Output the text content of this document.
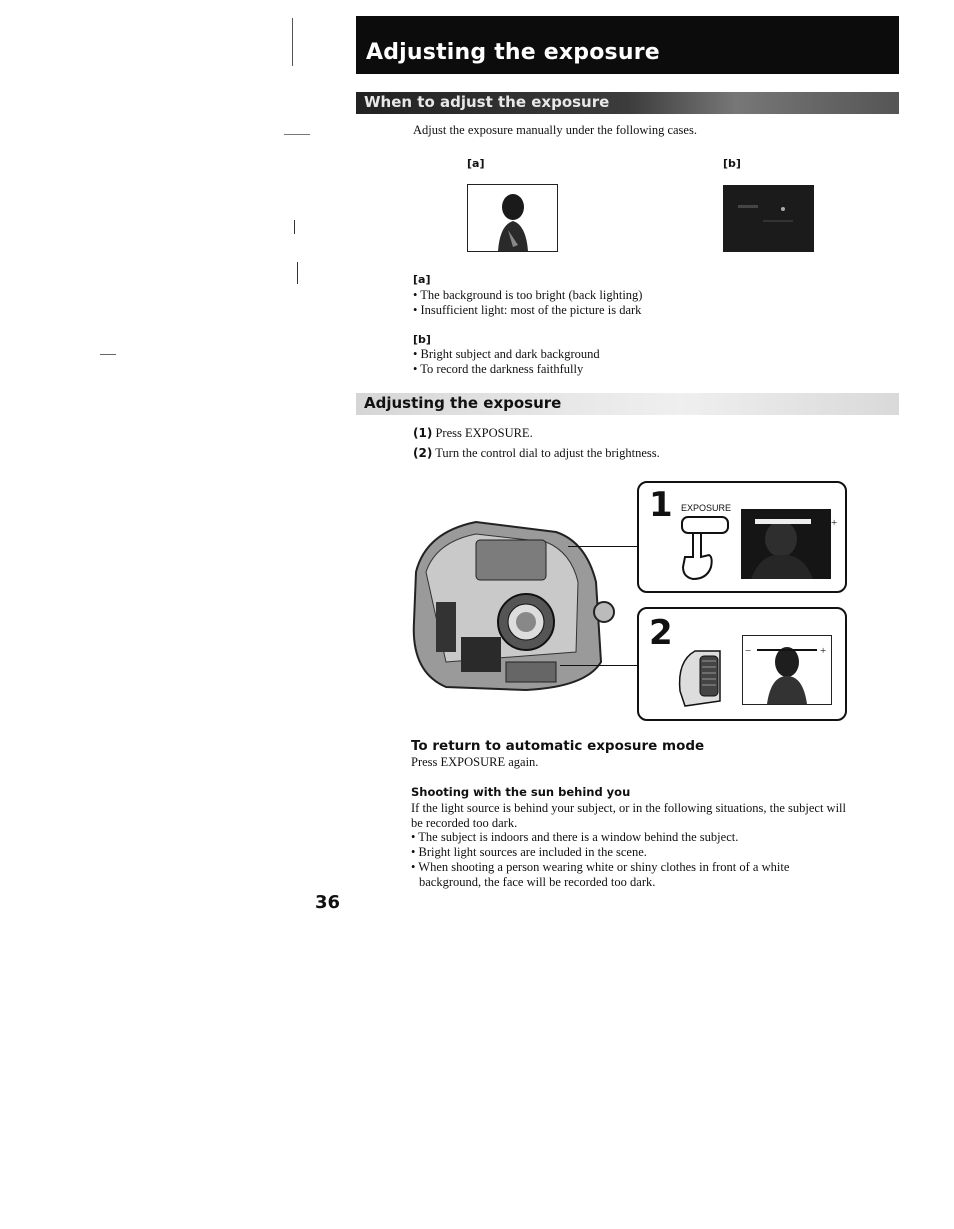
Adjusting the exposure
When to adjust the exposure
Adjust the exposure manually under the following cases.
[a]	[b]
[a]
• The background is too bright (back lighting)
• Insufficient light: most of the picture is dark
[b]
• Bright subject and dark background
• To record the darkness faithfully
Adjusting the exposure
(1) Press EXPOSURE.
(2) Turn the control dial to adjust the brightness.
1 EXPOSURE
+
2	−	+
To return to automatic exposure mode
Press EXPOSURE again.
Shooting with the sun behind you
If the light source is behind your subject, or in the following situations, the subject will
be recorded too dark.
• The subject is indoors and there is a window behind the subject.
• Bright light sources are included in the scene.
• When shooting a person wearing white or shiny clothes in front of a white
background, the face will be recorded too dark.
36
